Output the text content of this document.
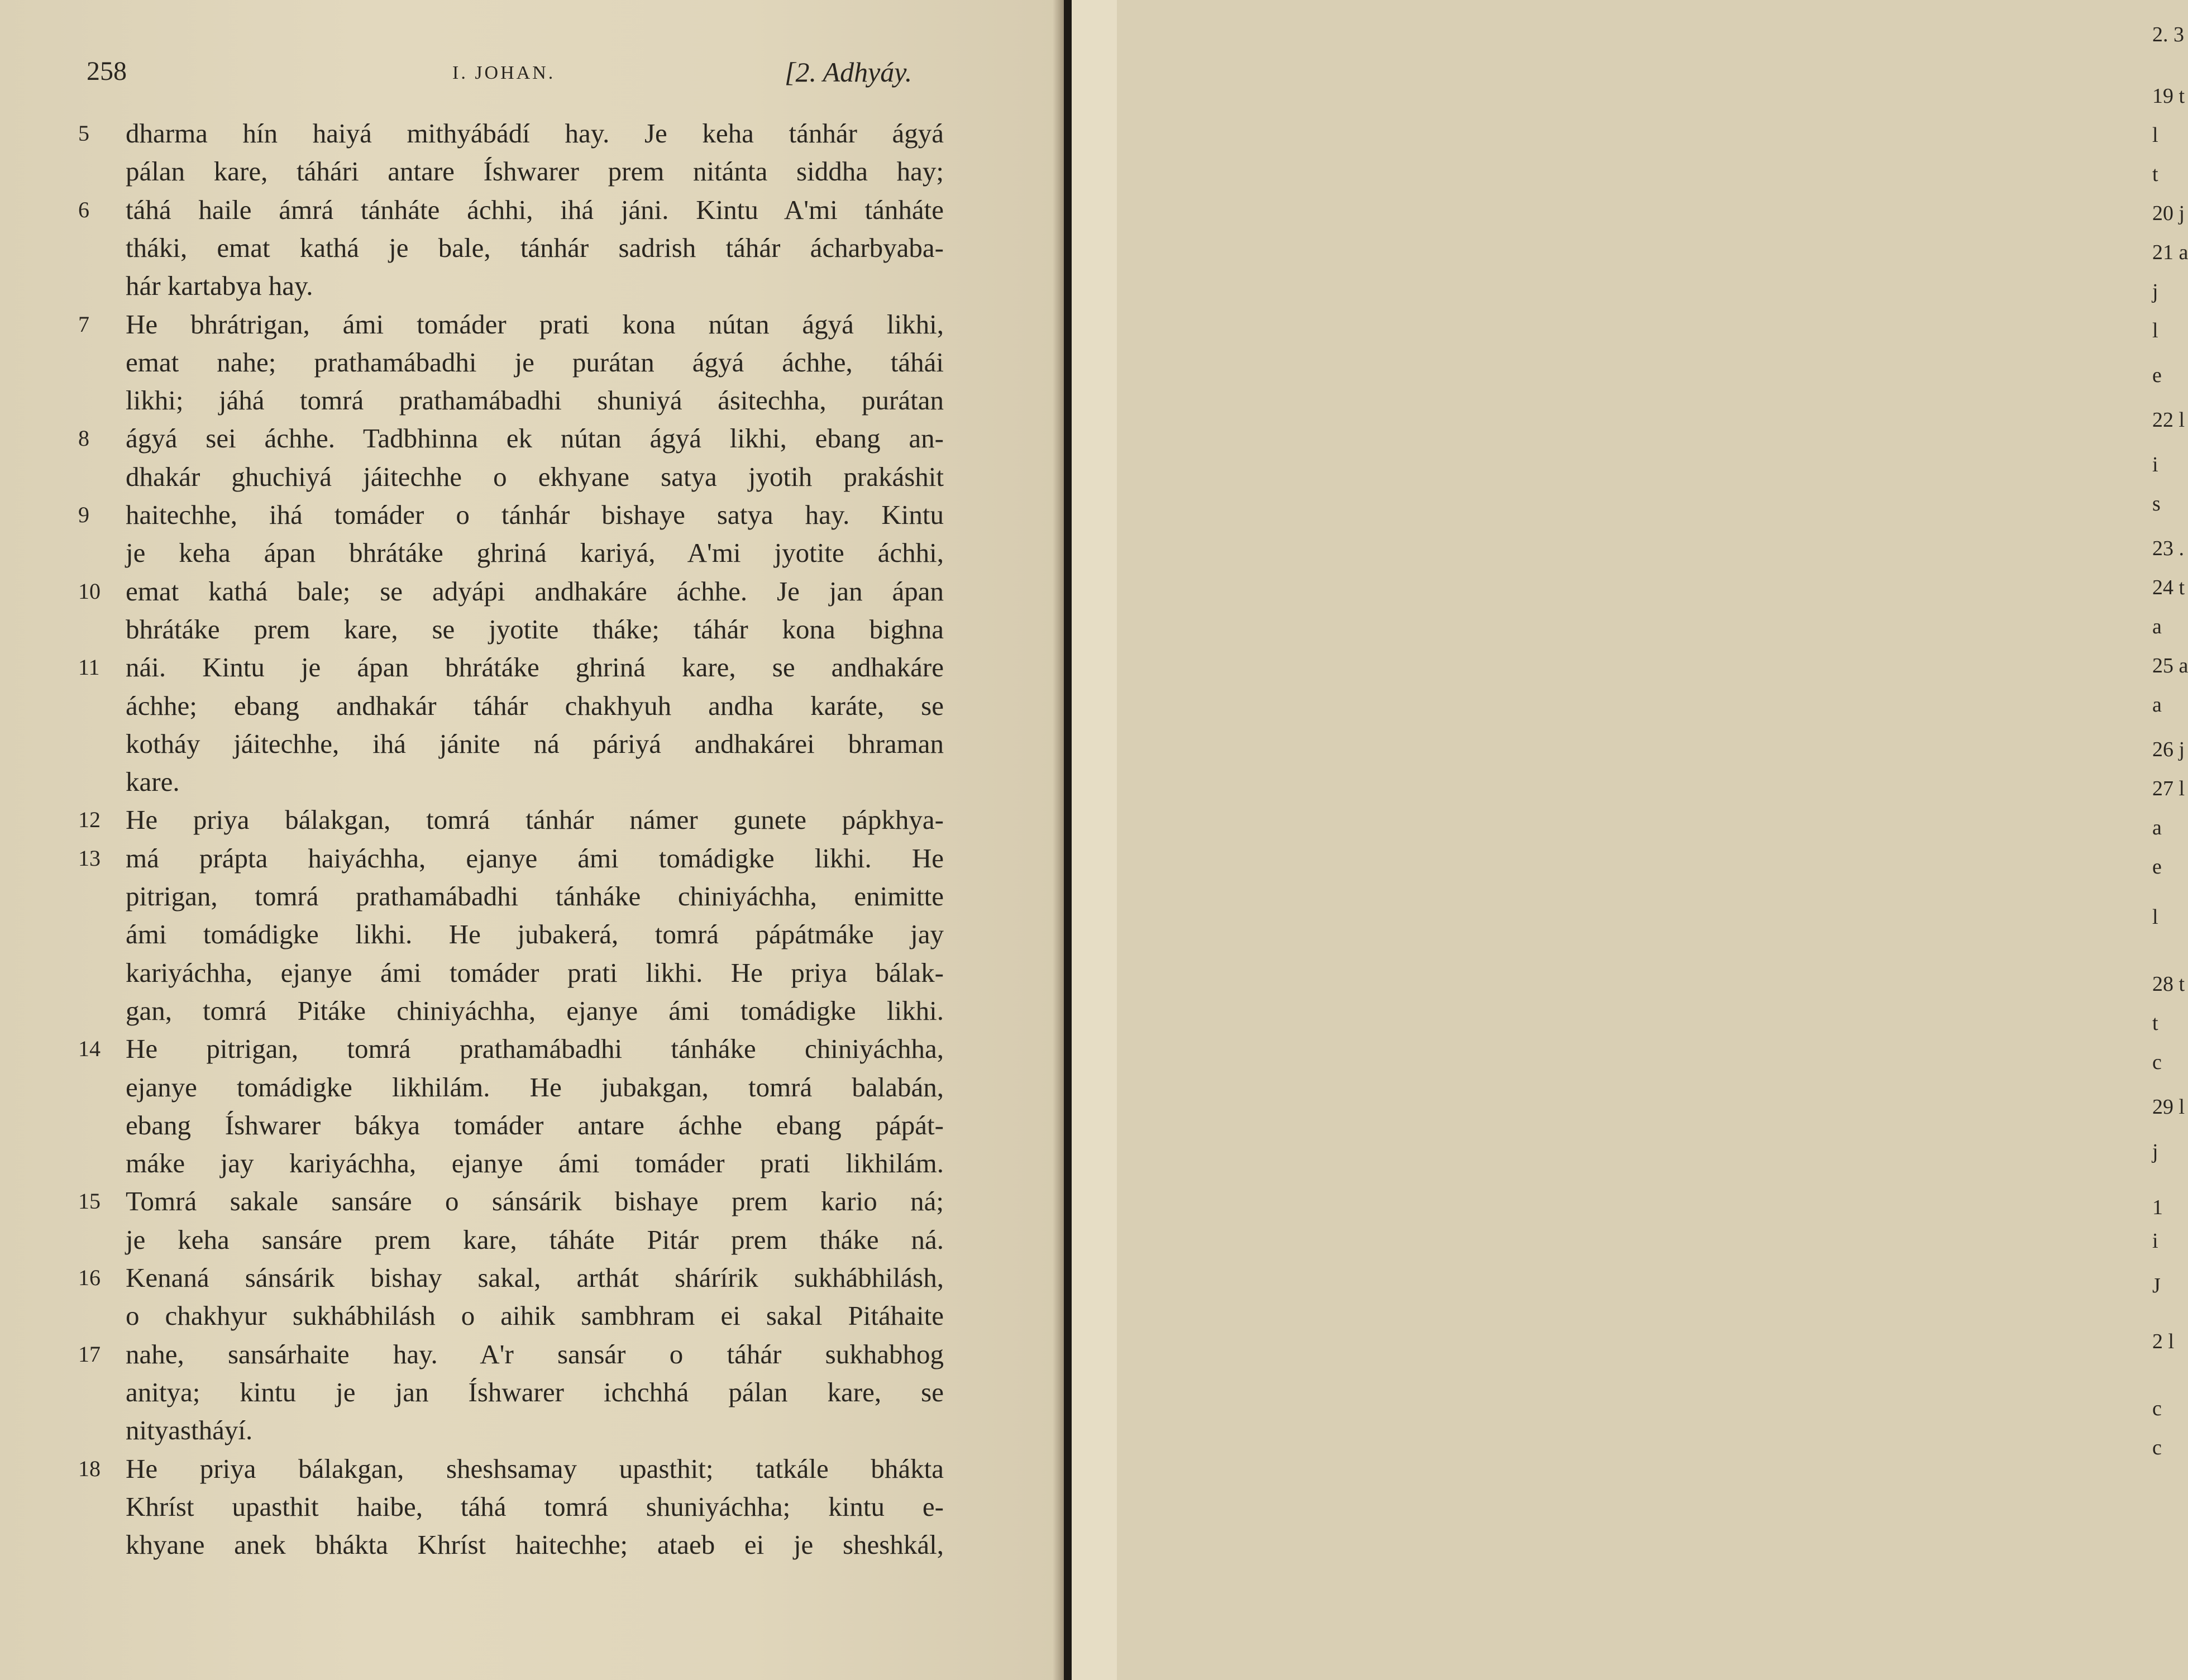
258	I. JOHAN.	[2. Adhyáy.
5	dharma hín haiyá mithyábádí hay. Je keha tánhár ágyá
pálan kare, táhári antare Íshwarer prem nitánta siddha hay;
6	táhá haile ámrá tánháte áchhi, ihá jáni. Kintu A'mi tánháte
tháki, emat kathá je bale, tánhár sadrish táhár ácharbyaba-
hár kartabya hay.
7	He bhrátrigan, ámi tomáder prati kona nútan ágyá likhi,
emat nahe; prathamábadhi je purátan ágyá áchhe, táhái
likhi; jáhá tomrá prathamábadhi shuniyá ásitechha, purátan
8	ágyá sei áchhe. Tadbhinna ek nútan ágyá likhi, ebang an-
dhakár ghuchiyá jáitechhe o ekhyane satya jyotih prakáshit
9	haitechhe, ihá tomáder o tánhár bishaye satya hay. Kintu
je keha ápan bhrátáke ghriná kariyá, A'mi jyotite áchhi,
10 emat kathá bale; se adyápi andhakáre áchhe. Je jan ápan
bhrátáke prem kare, se jyotite tháke; táhár kona bighna
11 nái. Kintu je ápan bhrátáke ghriná kare, se andhakáre
áchhe; ebang andhakár táhár chakhyuh andha karáte, se
kotháy jáitechhe, ihá jánite ná páriyá andhakárei bhraman
kare.
12 He priya bálakgan, tomrá tánhár námer gunete pápkhya-
13 má prápta haiyáchha, ejanye ámi tomádigke likhi. He
pitrigan, tomrá prathamábadhi tánháke chiniyáchha, enimitte
ámi tomádigke likhi. He jubakerá, tomrá pápátmáke jay
kariyáchha, ejanye ámi tomáder prati likhi. He priya bálak-
gan, tomrá Pitáke chiniyáchha, ejanye ámi tomádigke likhi.
14 He pitrigan, tomrá prathamábadhi tánháke chiniyáchha,
ejanye tomádigke likhilám. He jubakgan, tomrá balabán,
ebang Íshwarer bákya tomáder antare áchhe ebang pápát-
máke jay kariyáchha, ejanye ámi tomáder prati likhilám.
15 Tomrá sakale sansáre o sánsárik bishaye prem kario ná;
je keha sansáre prem kare, táháte Pitár prem tháke ná.
16 Kenaná sánsárik bishay sakal, arthát shárírik sukhábhilásh,
o chakhyur sukhábhilásh o aihik sambhram ei sakal Pitáhaite
17 nahe, sansárhaite hay. A'r sansár o táhár sukhabhog
anitya; kintu je jan Íshwarer ichchhá pálan kare, se
nityastháyí.
18 He priya bálakgan, sheshsamay upasthit; tatkále bhákta
Khríst upasthit haibe, táhá tomrá shuniyáchha; kintu e-
khyane anek bhákta Khríst haitechhe; ataeb ei je sheshkál,
2. 3
19 t
l
t
20 j
21 a
j
l
e
22 l
i
s
23 .
24 t
a
25 a
a
26 j
27 l
a
e
l
28 t
t
c
29 l
j
1
i
J
2 l
c
c
